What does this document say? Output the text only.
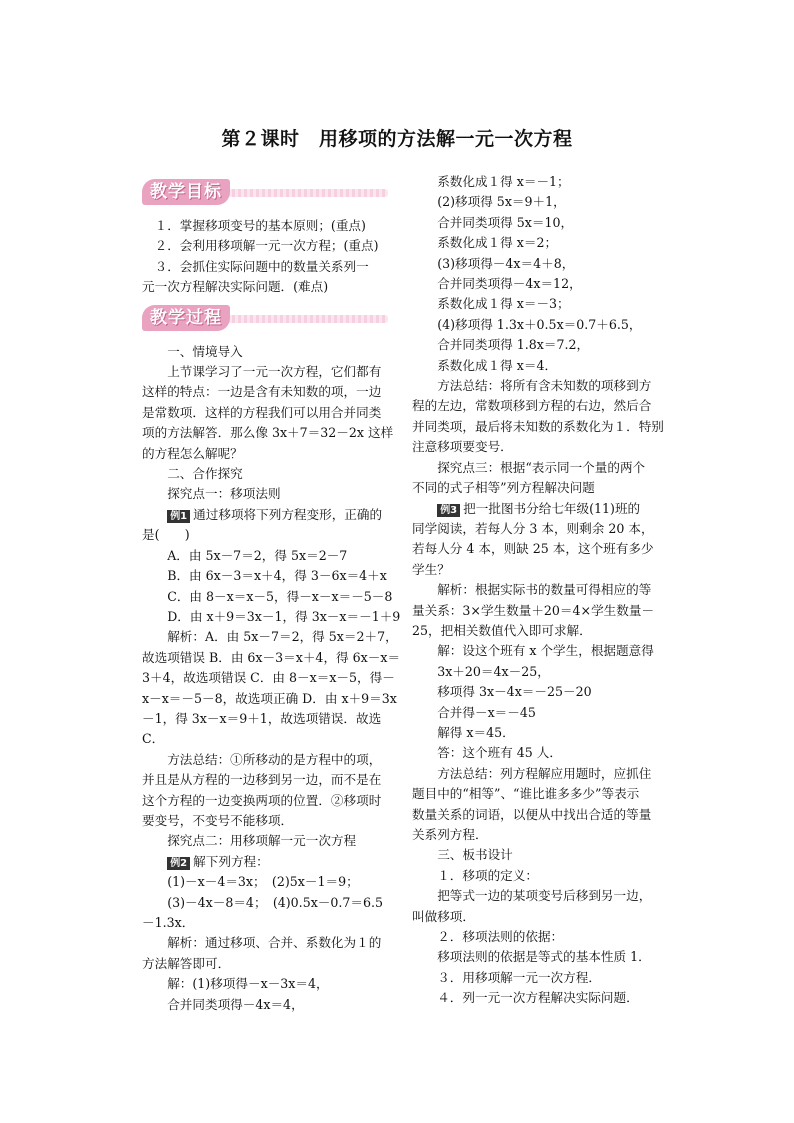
第２课时　用移项的方法解一元一次方程
教学目标

１．掌握移项变号的基本原则；(重点)

２．会利用移项解一元一次方程；(重点)

３．会抓住实际问题中的数量关系列一

元一次方程解决实际问题．(难点)

教学过程

一、情境导入

上节课学习了一元一次方程，它们都有

这样的特点：一边是含有未知数的项，一边

是常数项．这样的方程我们可以用合并同类

项的方法解答．那么像 3x＋7＝32－2x 这样

的方程怎么解呢？

二、合作探究

探究点一：移项法则

例1 通过移项将下列方程变形，正确的

是(　　)

A．由 5x－7＝2，得 5x＝2－7

B．由 6x－3＝x＋4，得 3－6x＝4＋x

C．由 8－x＝x－5，得－x－x＝－5－8

D．由 x＋9＝3x－1，得 3x－x＝－1＋9

解析：A．由 5x－7＝2，得 5x＝2＋7，

故选项错误 B．由 6x－3＝x＋4，得 6x－x＝

3＋4，故选项错误 C．由 8－x＝x－5，得－

x－x＝－5－8，故选项正确 D．由 x＋9＝3x

－1，得 3x－x＝9＋1，故选项错误．故选

C．

方法总结：①所移动的是方程中的项，

并且是从方程的一边移到另一边，而不是在

这个方程的一边变换两项的位置．②移项时

要变号，不变号不能移项．

探究点二：用移项解一元一次方程

例2 解下列方程：

(1)－x－4＝3x；　(2)5x－1＝9；

(3)－4x－8＝4；　(4)0.5x－0.7＝6.5

－1.3x．

解析：通过移项、合并、系数化为１的

方法解答即可．

解：(1)移项得－x－3x＝4，

合并同类项得－4x＝4，

系数化成１得 x＝－1；

(2)移项得 5x＝9＋1，

合并同类项得 5x＝10，

系数化成１得 x＝2；

(3)移项得－4x＝4＋8，

合并同类项得－4x＝12，

系数化成１得 x＝－3；

(4)移项得 1.3x＋0.5x＝0.7＋6.5，

合并同类项得 1.8x＝7.2，

系数化成１得 x＝4．

方法总结：将所有含未知数的项移到方

程的左边，常数项移到方程的右边，然后合

并同类项，最后将未知数的系数化为１．特别

注意移项要变号．

探究点三：根据“表示同一个量的两个

不同的式子相等”列方程解决问题

例3 把一批图书分给七年级(11)班的

同学阅读，若每人分 3 本，则剩余 20 本，

若每人分 4 本，则缺 25 本，这个班有多少

学生？

解析：根据实际书的数量可得相应的等

量关系：3×学生数量＋20＝4×学生数量－

25，把相关数值代入即可求解．

解：设这个班有 x 个学生，根据题意得

3x＋20＝4x－25，

移项得 3x－4x＝－25－20

合并得－x＝－45

解得 x＝45．

答：这个班有 45 人．

方法总结：列方程解应用题时，应抓住

题目中的“相等”、“谁比谁多多少”等表示

数量关系的词语，以便从中找出合适的等量

关系列方程．

三、板书设计

１．移项的定义：

把等式一边的某项变号后移到另一边，

叫做移项．

２．移项法则的依据：

移项法则的依据是等式的基本性质 1．

３．用移项解一元一次方程．

４．列一元一次方程解决实际问题．
